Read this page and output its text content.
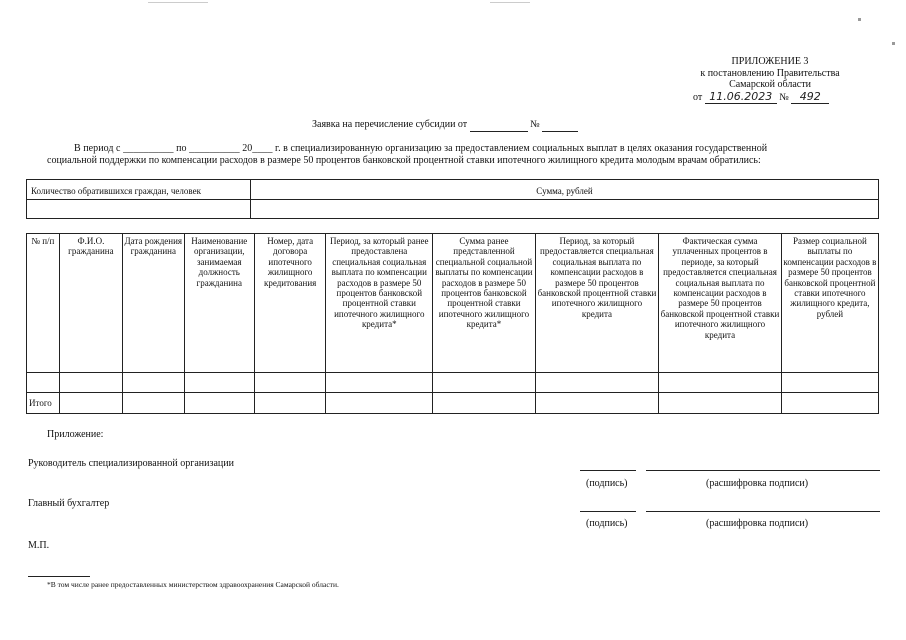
ПРИЛОЖЕНИЕ 3
к постановлению Правительства
Самарской области
от 11.06.2023 № 492
Заявка на перечисление субсидии от	№
В период с __________ по __________ 20____ г. в специализированную организацию за предоставлением социальных выплат в целях оказания государственной
социальной поддержки по компенсации расходов в размере 50 процентов банковской процентной ставки ипотечного жилищного кредита молодым врачам обратились:
Количество обратившихся граждан, человек	Сумма, рублей

№ п/п	Ф.И.О. гражданина	Дата рождения гражданина	Наименование организации, занимаемая должность гражданина	Номер, дата договора ипотечного жилищного кредитования	Период, за который ранее предоставлена специальная социальная выплата по компенсации расходов в размере 50 процентов банковской процентной ставки ипотечного жилищного кредита*	Сумма ранее представленной специальной социальной выплаты по компенсации расходов в размере 50 процентов банковской процентной ставки ипотечного жилищного кредита*	Период, за который предоставляется специальная социальная выплата по компенсации расходов в размере 50 процентов банковской процентной ставки ипотечного жилищного кредита	Фактическая сумма уплаченных процентов в периоде, за который предоставляется специальная социальная выплата по компенсации расходов в размере 50 процентов банковской процентной ставки ипотечного жилищного кредита	Размер социальной выплаты по компенсации расходов в размере 50 процентов банковской процентной ставки ипотечного жилищного кредита, рублей

Итого									
Приложение:
Руководитель специализированной организации
(подпись)	(расшифровка подписи)
Главный бухгалтер
(подпись)	(расшифровка подписи)
М.П.
*В том числе ранее предоставленных министерством здравоохранения Самарской области.
